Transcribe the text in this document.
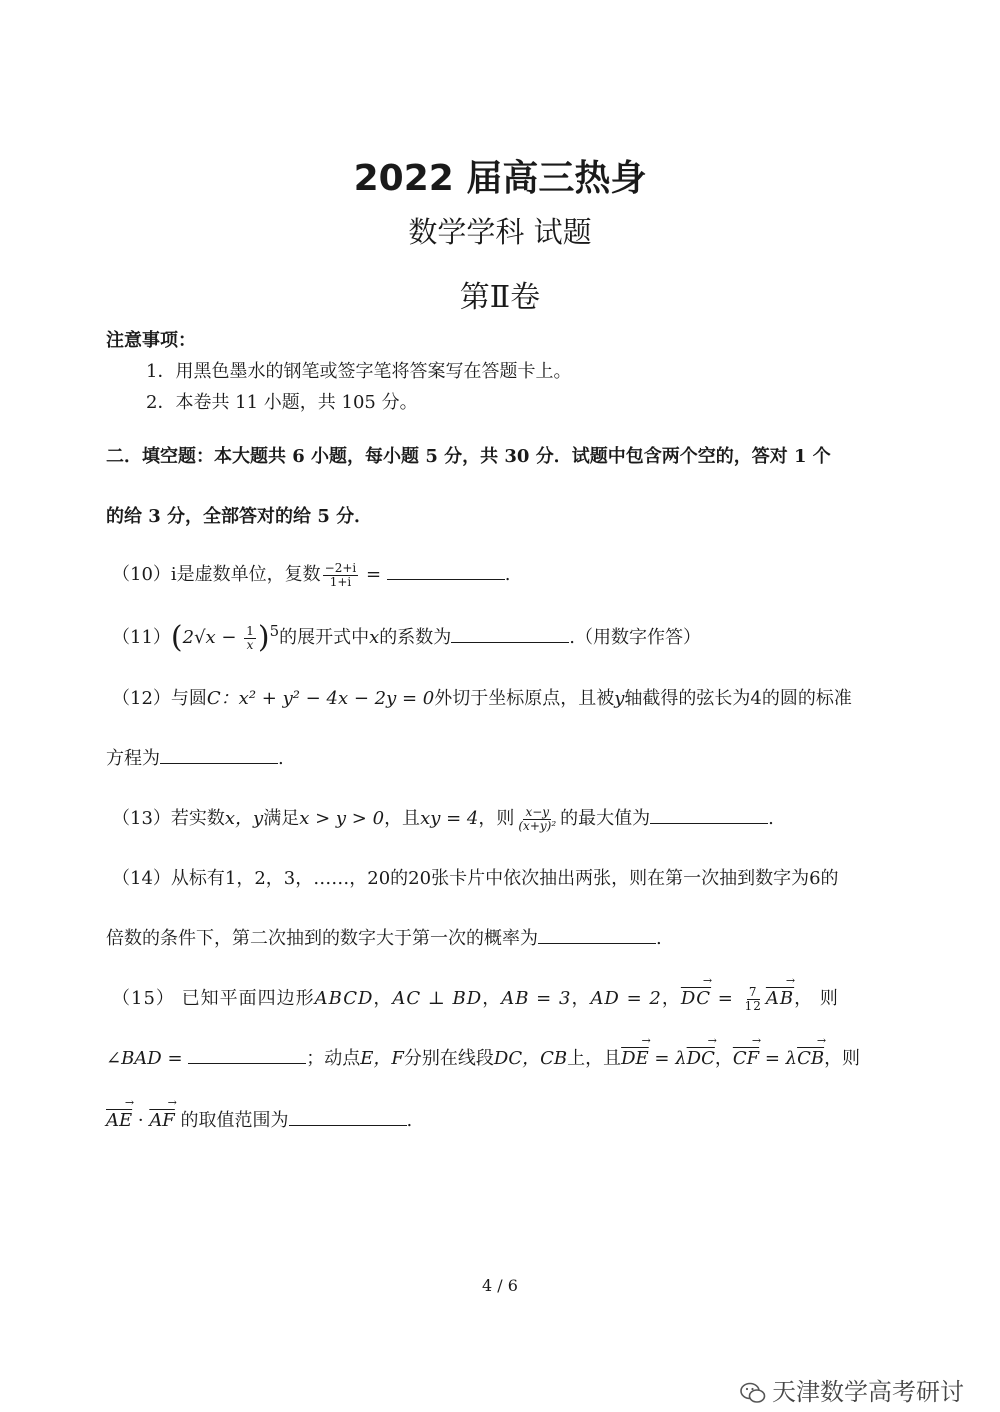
2022 届高三热身
数学学科 试题
第Ⅱ卷
注意事项：
1．用黑色墨水的钢笔或签字笔将答案写在答题卡上。
2．本卷共 11 小题，共 105 分。
二．填空题：本大题共 6 小题，每小题 5 分，共 30 分．试题中包含两个空的，答对 1 个
的给 3 分，全部答对的给 5 分．
（10）i是虚数单位，复数 $\frac{-2+i}{1+i}$ =	.
$(11)(2√x - \frac{1}{x} )^5$的展开式中x的系数为	.（用数字作答）
（12）与圆C：x² + y² − 4x − 2y = 0外切于坐标原点，且被y轴截得的弦长为4的圆的标准
方程为	.
（13）若实数x，y满足x > y > 0，且xy = 4，则 $\frac{x-y}{\text{(x+y)²}}$ 的最大值为	.
（14）从标有1，2，3，……，20的20张卡片中依次抽出两张，则在第一次抽到数字为6的
倍数的条件下，第二次抽到的数字大于第一次的概率为	.
（15） 已知平面四边形ABCD，AC ⊥ BD，AB = 3，AD = 2，$\overline{DC}$ → = $\frac{7}{12} \overline{AB}$ →， 则
∠BAD =	；动点E，F分别在线段DC，CB上，且$\overline{DE}$ → = $\lambda\overline{DC}$ →，$\overline{CF}$ → = $\lambda\overline{CB}$ →，则
$\overline{AE}$ → · $\overline{AF}$ → 的取值范围为	.
4 / 6
天津数学高考研讨
